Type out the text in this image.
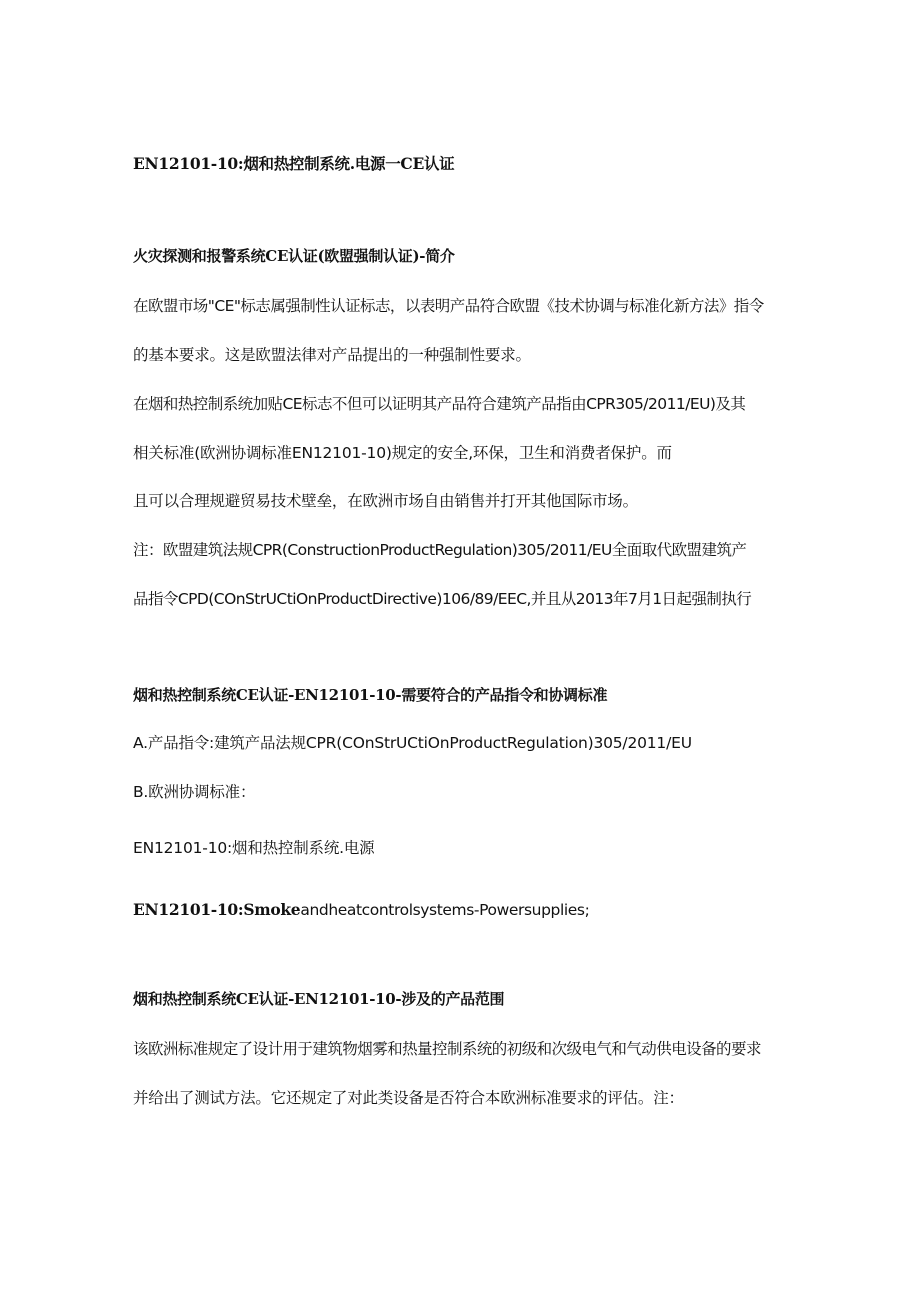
EN12101-10:烟和热控制系统.电源一CE认证
火灾探测和报警系统CE认证(欧盟强制认证)-简介
在欧盟市场"CE"标志属强制性认证标志，以表明产品符合欧盟《技术协调与标准化新方法》指令
的基本要求。这是欧盟法律对产品提出的一种强制性要求。
在烟和热控制系统加贴CE标志不但可以证明其产品符合建筑产品指由CPR305/2011/EU)及其
相关标准(欧洲协调标准EN12101-10)规定的安全,环保，卫生和消费者保护。而
且可以合理规避贸易技术壁垒，在欧洲市场自由销售并打开其他国际市场。
注：欧盟建筑法规CPR(ConstructionProductRegulation)305/2011/EU全面取代欧盟建筑产
品指令CPD(COnStrUCtiOnProductDirective)106/89/EEC,并且从2013年7月1日起强制执行
烟和热控制系统CE认证-EN12101-10-需要符合的产品指令和协调标准
A.产品指令:建筑产品法规CPR(COnStrUCtiOnProductRegulation)305/2011/EU
B.欧洲协调标准：
EN12101-10:烟和热控制系统.电源
EN12101-10:Smokeandheatcontrolsystems-Powersupplies;
烟和热控制系统CE认证-EN12101-10-涉及的产品范围
该欧洲标准规定了设计用于建筑物烟雾和热量控制系统的初级和次级电气和气动供电设备的要求
并给出了测试方法。它还规定了对此类设备是否符合本欧洲标准要求的评估。注：
